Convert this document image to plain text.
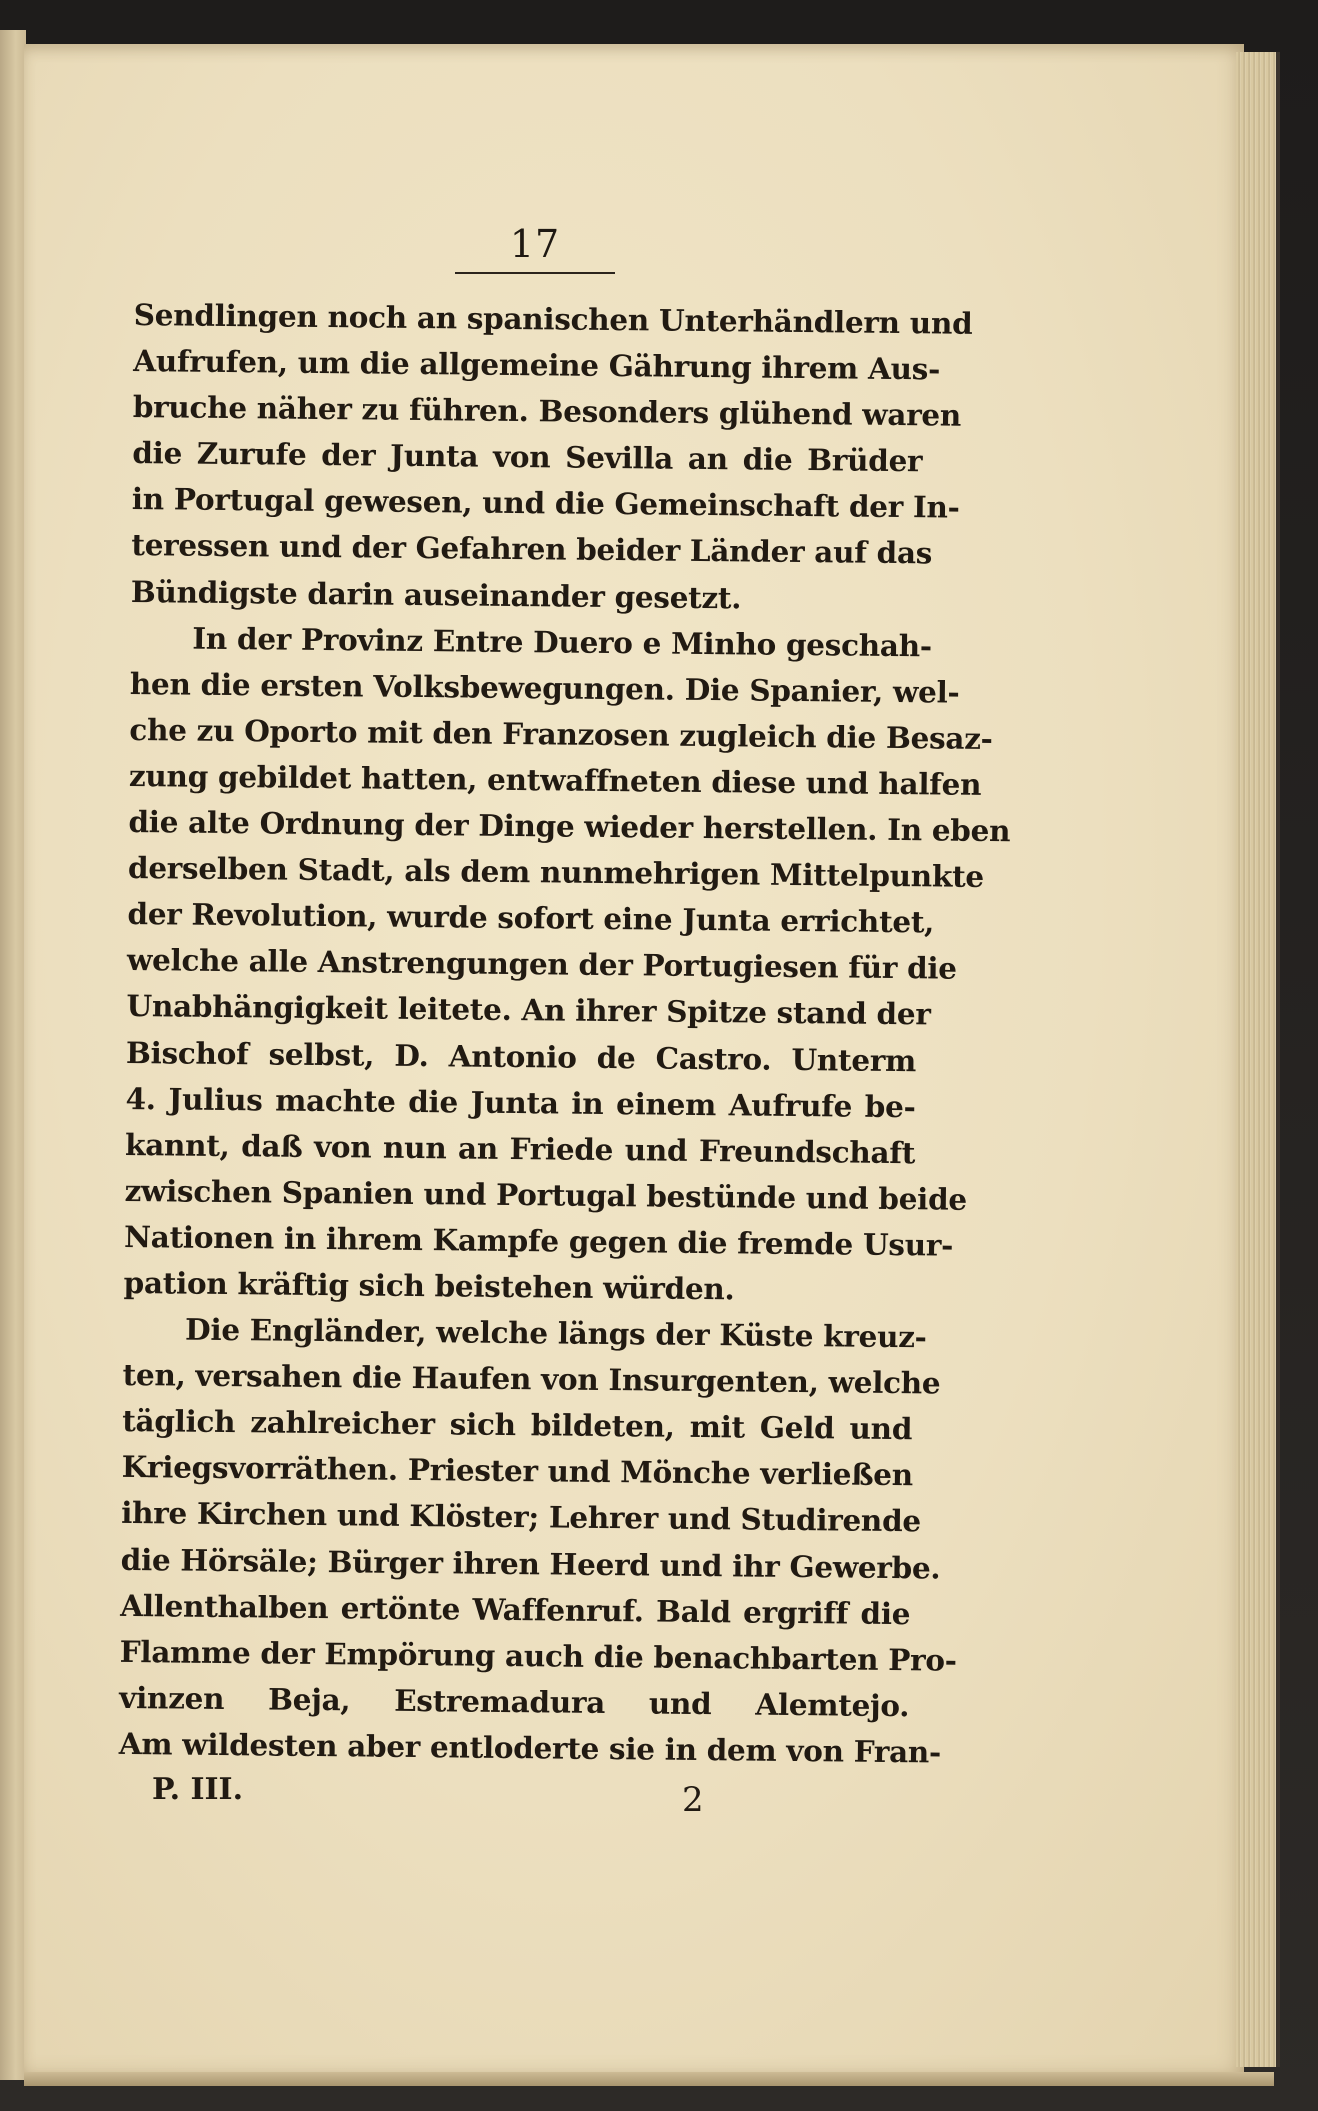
17
Sendlingen noch an spanischen Unterhändlern und
Aufrufen, um die allgemeine Gährung ihrem Aus-
bruche näher zu führen. Besonders glühend waren
die Zurufe der Junta von Sevilla an die Brüder
in Portugal gewesen, und die Gemeinschaft der In-
teressen und der Gefahren beider Länder auf das
Bündigste darin auseinander gesetzt.
In der Provinz Entre Duero e Minho geschah-
hen die ersten Volksbewegungen. Die Spanier, wel-
che zu Oporto mit den Franzosen zugleich die Besaz-
zung gebildet hatten, entwaffneten diese und halfen
die alte Ordnung der Dinge wieder herstellen. In eben
derselben Stadt, als dem nunmehrigen Mittelpunkte
der Revolution, wurde sofort eine Junta errichtet,
welche alle Anstrengungen der Portugiesen für die
Unabhängigkeit leitete. An ihrer Spitze stand der
Bischof selbst, D. Antonio de Castro. Unterm
4. Julius machte die Junta in einem Aufrufe be-
kannt, daß von nun an Friede und Freundschaft
zwischen Spanien und Portugal bestünde und beide
Nationen in ihrem Kampfe gegen die fremde Usur-
pation kräftig sich beistehen würden.
Die Engländer, welche längs der Küste kreuz-
ten, versahen die Haufen von Insurgenten, welche
täglich zahlreicher sich bildeten, mit Geld und
Kriegsvorräthen. Priester und Mönche verließen
ihre Kirchen und Klöster; Lehrer und Studirende
die Hörsäle; Bürger ihren Heerd und ihr Gewerbe.
Allenthalben ertönte Waffenruf. Bald ergriff die
Flamme der Empörung auch die benachbarten Pro-
vinzen Beja, Estremadura und Alemtejo.
Am wildesten aber entloderte sie in dem von Fran-
P. III.	2
